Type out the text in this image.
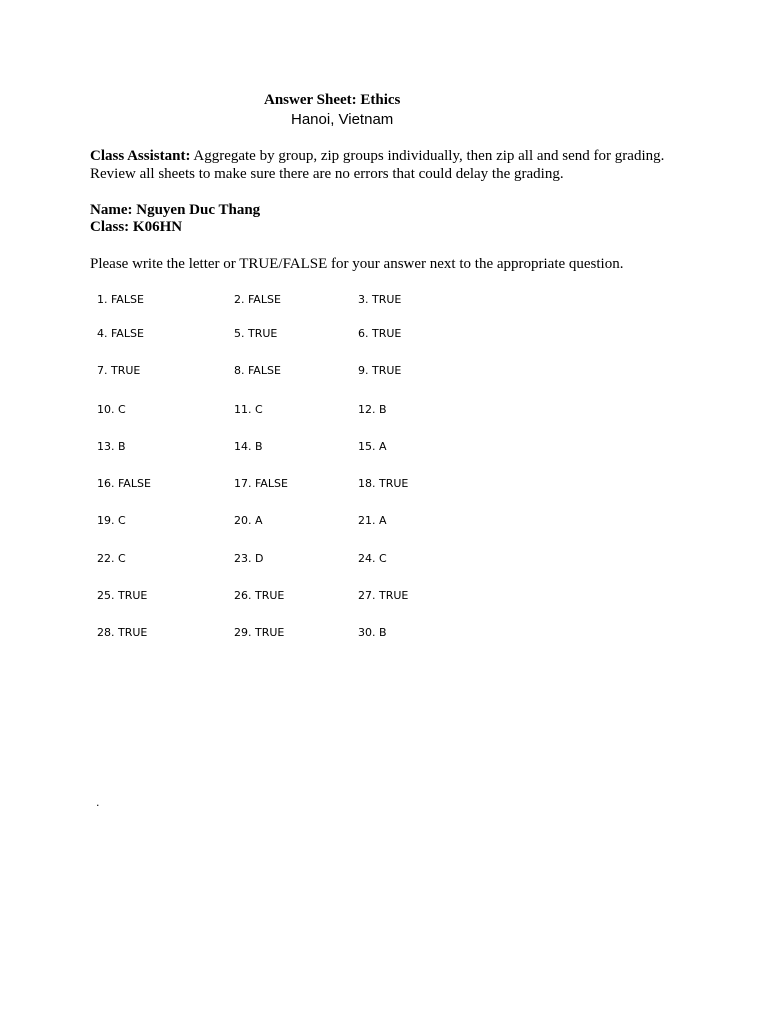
Answer Sheet: Ethics
Hanoi, Vietnam
Class Assistant: Aggregate by group, zip groups individually, then zip all and send for grading. Review all sheets to make sure there are no errors that could delay the grading.
Name: Nguyen Duc Thang
Class: K06HN
Please write the letter or TRUE/FALSE for your answer next to the appropriate question.
1. FALSE	2. FALSE	3. TRUE
4. FALSE	5. TRUE	6. TRUE
7. TRUE	8. FALSE	9. TRUE
10. C	11. C	12. B
13. B	14. B	15. A
16. FALSE	17. FALSE	18. TRUE
19. C	20. A	21. A
22. C	23. D	24. C
25. TRUE	26. TRUE	27. TRUE
28. TRUE	29. TRUE	30. B
.
